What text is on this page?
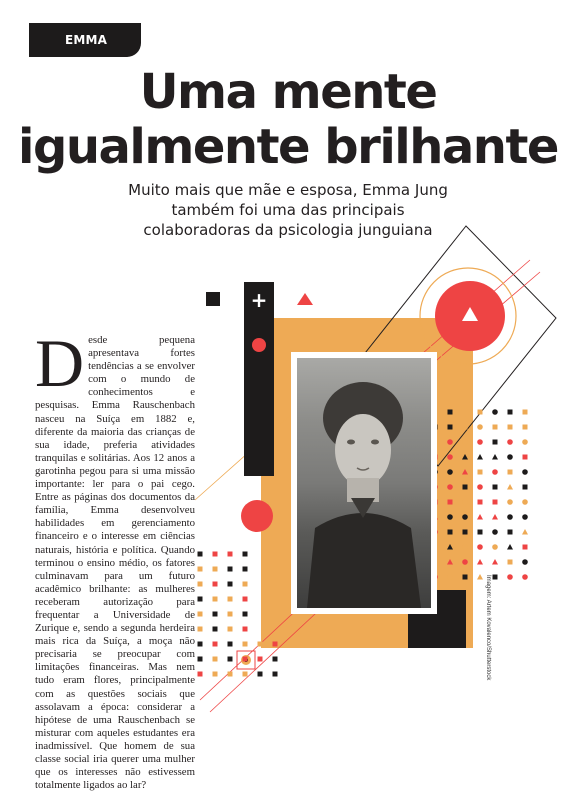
EMMA JUNG Uma mente
igualmente brilhante
Muito mais que mãe e esposa, Emma Jung também foi uma das principais colaboradoras da psicologia junguiana
+
Desde pequena apresentava fortes tendências a se envolver com o mundo de conhecimentos e pesquisas. Emma Rauschenbach nasceu na Suíça em 1882 e, diferente da maioria das crianças de sua idade, preferia atividades tranquilas e solitárias. Aos 12 anos a garotinha pegou para si uma missão importante: ler para o pai cego. Entre as páginas dos documentos da família, Emma desenvolveu habilidades em gerenciamento financeiro e o interesse em ciências naturais, história e política. Quando terminou o ensino médio, os fatores culminavam para um futuro acadêmico brilhante: as mulheres receberam autorização para frequentar a Universidade de Zurique e, sendo a segunda herdeira mais rica da Suíça, a moça não precisaria se preocupar com limitações financeiras. Mas nem tudo eram flores, principalmente com as questões sociais que assolavam a época: considerar a hipótese de uma Rauschenbach se misturar com aqueles estudantes era inadmissível. Que homem de sua classe social iria querer uma mulher que os interesses não estivessem totalmente ligados ao lar?
Imagem: Artem Kovalenco/Shutterstock
